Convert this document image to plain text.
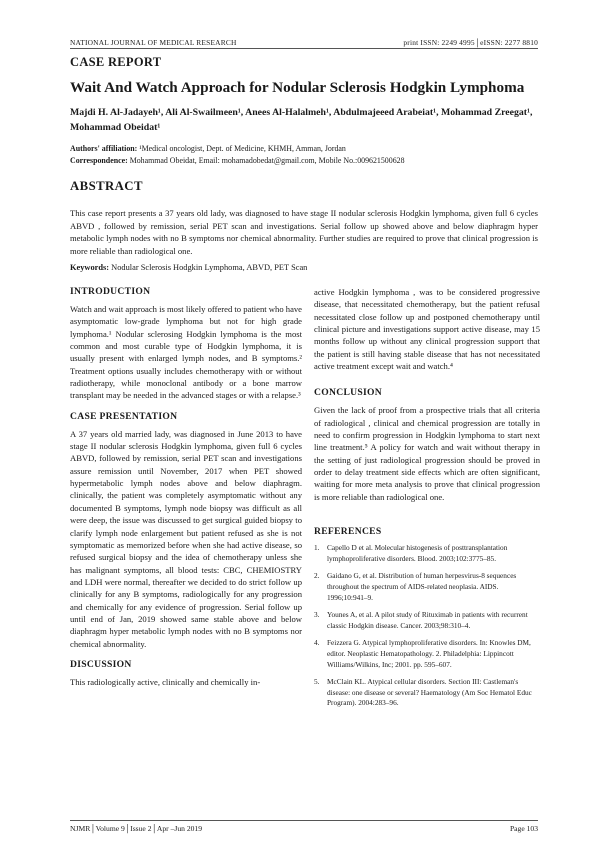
NATIONAL JOURNAL OF MEDICAL RESEARCH	print ISSN: 2249 4995│eISSN: 2277 8810
CASE REPORT
Wait And Watch Approach for Nodular Sclerosis Hodgkin Lymphoma
Majdi H. Al-Jadayeh¹, Ali Al-Swailmeen¹, Anees Al-Halalmeh¹, Abdulmajeeed Arabeiat¹, Mohammad Zreegat¹, Mohammad Obeidat¹
Authors' affiliation: ¹Medical oncologist, Dept. of Medicine, KHMH, Amman, Jordan
Correspondence: Mohammad Obeidat, Email: mohamadobedat@gmail.com, Mobile No.:009621500628
ABSTRACT
This case report presents a 37 years old lady, was diagnosed to have stage II nodular sclerosis Hodgkin lymphoma, given full 6 cycles ABVD , followed by remission, serial PET scan and investigations. Serial follow up showed above and below diaphragm hyper metabolic lymph nodes with no B symptoms nor chemical abnormality. Further studies are required to prove that clinical progression is more reliable than radiological one.
Keywords: Nodular Sclerosis Hodgkin Lymphoma, ABVD, PET Scan
INTRODUCTION

Watch and wait approach is most likely offered to patient who have asymptomatic low-grade lymphoma but not for high grade lymphoma.¹ Nodular sclerosing Hodgkin lymphoma is the most common and most curable type of Hodgkin lymphoma, it is usually present with enlarged lymph nodes, and B symptoms.² Treatment options usually includes chemotherapy with or without radiotherapy, while monoclonal antibody or a bone marrow transplant may be needed in the advanced stages or with a relapse.³

CASE PRESENTATION

A 37 years old married lady, was diagnosed in June 2013 to have stage II nodular sclerosis Hodgkin lymphoma, given full 6 cycles ABVD, followed by remission, serial PET scan and investigations assure remission until November, 2017 when PET showed hypermetabolic lymph nodes above and below diaphragm. clinically, the patient was completely asymptomatic without any documented B symptoms, lymph node biopsy was difficult as all were deep, the issue was discussed to get surgical guided biopsy to clarify lymph node enlargement but patient refused as she is not symptomatic as memorized before when she had active disease, so refused surgical biopsy and the idea of chemotherapy unless she has malignant symptoms, all blood tests: CBC, CHEMIOSTRY and LDH were normal, thereafter we decided to do strict follow up clinically for any B symptoms, radiologically for any progression and chemically for any evidence of progression. Serial follow up until end of Jan, 2019 showed same stable above and below diaphragm hyper metabolic lymph nodes with no B symptoms nor chemical abnormality.

DISCUSSION

This radiologically active, clinically and chemically in-

active Hodgkin lymphoma , was to be considered progressive disease, that necessitated chemotherapy, but the patient refusal necessitated close follow up and postponed chemotherapy until clinical picture and investigations support active disease, may 15 months follow up without any clinical progression support that the patient is still having stable disease that has not necessitated active treatment except wait and watch.⁴

CONCLUSION

Given the lack of proof from a prospective trials that all criteria of radiological , clinical and chemical progression are totally in need to confirm progression in Hodgkin lymphoma to start next line treatment.⁵ A policy for watch and wait without therapy in the setting of just radiological progression should be proved in order to delay treatment side effects which are often significant, waiting for more meta analysis to prove that clinical progression is more reliable than radiological one.

REFERENCES
1.	Capello D et al. Molecular histogenesis of posttransplantation lymphoproliferative disorders. Blood. 2003;102:3775–85.
2.	Gaidano G, et al. Distribution of human herpesvirus-8 sequences throughout the spectrum of AIDS-related neoplasia. AIDS. 1996;10:941–9.
3.	Younes A, et al. A pilot study of Rituximab in patients with recurrent classic Hodgkin disease. Cancer. 2003;98:310–4.
4.	Feizzera G. Atypical lymphoproliferative disorders. In: Knowles DM, editor. Neoplastic Hematopathology. 2. Philadelphia: Lippincott Williams/Wilkins, Inc; 2001. pp. 595–607.
5.	McClain KL. Atypical cellular disorders. Section III: Castleman's disease: one disease or several? Haematology (Am Soc Hematol Educ Program). 2004:283–96.
NJMR│Volume 9│Issue 2│Apr –Jun 2019	Page 103
